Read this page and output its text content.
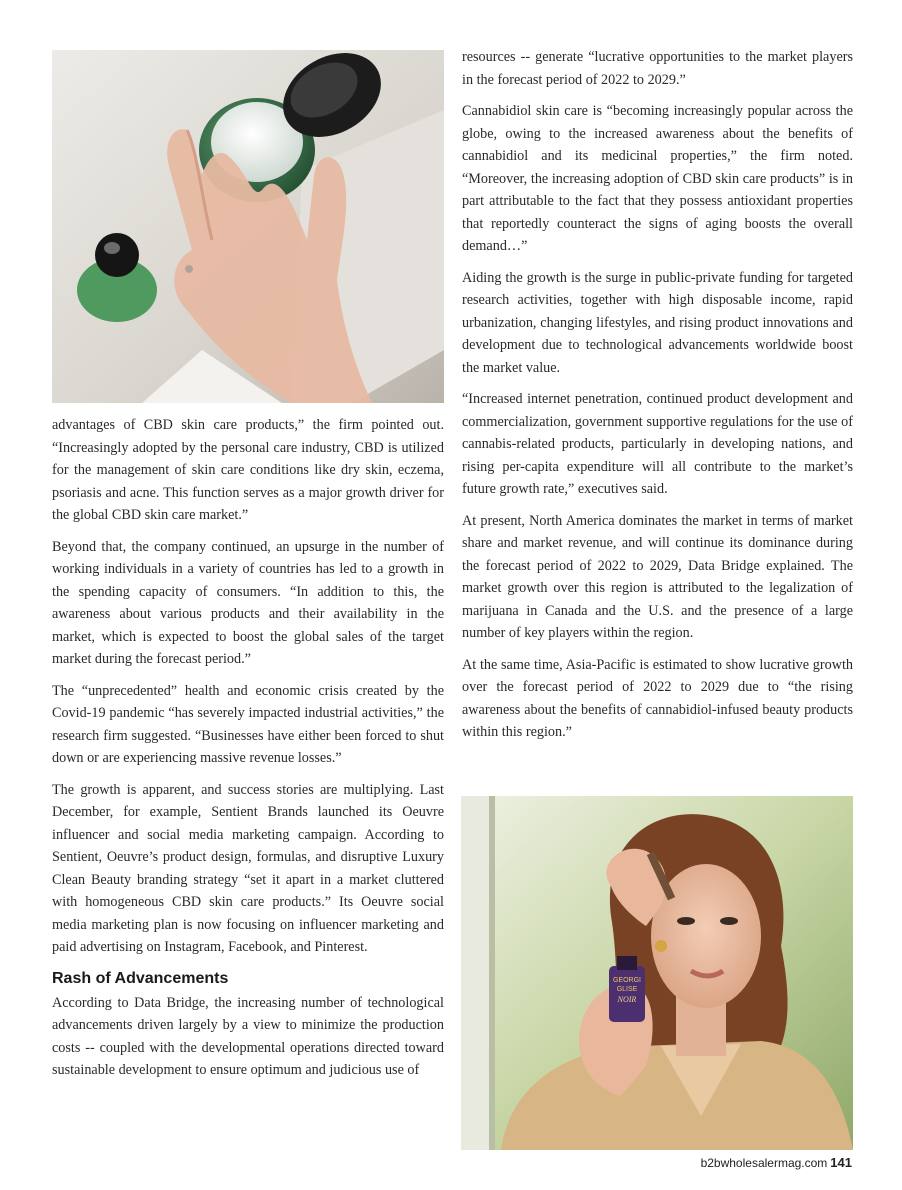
advantages of CBD skin care products,” the firm pointed out. “Increasingly adopted by the personal care industry, CBD is utilized for the management of skin care conditions like dry skin, eczema, psoriasis and acne. This function serves as a major growth driver for the global CBD skin care market.”

Beyond that, the company continued, an upsurge in the number of working individuals in a variety of countries has led to a growth in the spending capacity of consumers. “In addition to this, the awareness about various products and their availability in the market, which is expected to boost the global sales of the target market during the forecast period.”

The “unprecedented” health and economic crisis created by the Covid-19 pandemic “has severely impacted industrial activities,” the research firm suggested. “Businesses have either been forced to shut down or are experiencing massive revenue losses.”

The growth is apparent, and success stories are multiplying. Last December, for example, Sentient Brands launched its Oeuvre influencer and social media marketing campaign. According to Sentient, Oeuvre’s product design, formulas, and disruptive Luxury Clean Beauty branding strategy “set it apart in a market cluttered with homogeneous CBD skin care products.” Its Oeuvre social media marketing plan is now focusing on influencer marketing and paid advertising on Instagram, Facebook, and Pinterest.

Rash of Advancements

According to Data Bridge, the increasing number of technological advancements driven largely by a view to minimize the production costs -- coupled with the developmental operations directed toward sustainable development to ensure optimum and judicious use of

resources -- generate “lucrative opportunities to the market players in the forecast period of 2022 to 2029.”

Cannabidiol skin care is “becoming increasingly popular across the globe, owing to the increased awareness about the benefits of cannabidiol and its medicinal properties,” the firm noted. “Moreover, the increasing adoption of CBD skin care products” is in part attributable to the fact that they possess antioxidant properties that reportedly counteract the signs of aging boosts the overall demand…”

Aiding the growth is the surge in public-private funding for targeted research activities, together with high disposable income, rapid urbanization, changing lifestyles, and rising product innovations and development due to technological advancements worldwide boost the market value.

“Increased internet penetration, continued product development and commercialization, government supportive regulations for the use of cannabis-related products, particularly in developing nations, and rising per-capita expenditure will all contribute to the market’s future growth rate,” executives said.

At present, North America dominates the market in terms of market share and market revenue, and will continue its dominance during the forecast period of 2022 to 2029, Data Bridge explained. The market growth over this region is attributed to the legalization of marijuana in Canada and the U.S. and the presence of a large number of key players within the region.

At the same time, Asia-Pacific is estimated to show lucrative growth over the forecast period of 2022 to 2029 due to “the rising awareness about the benefits of cannabidiol-infused beauty products within this region.”

GEORGI
GLISE
NOIR
b2bwholesalermag.com 141
